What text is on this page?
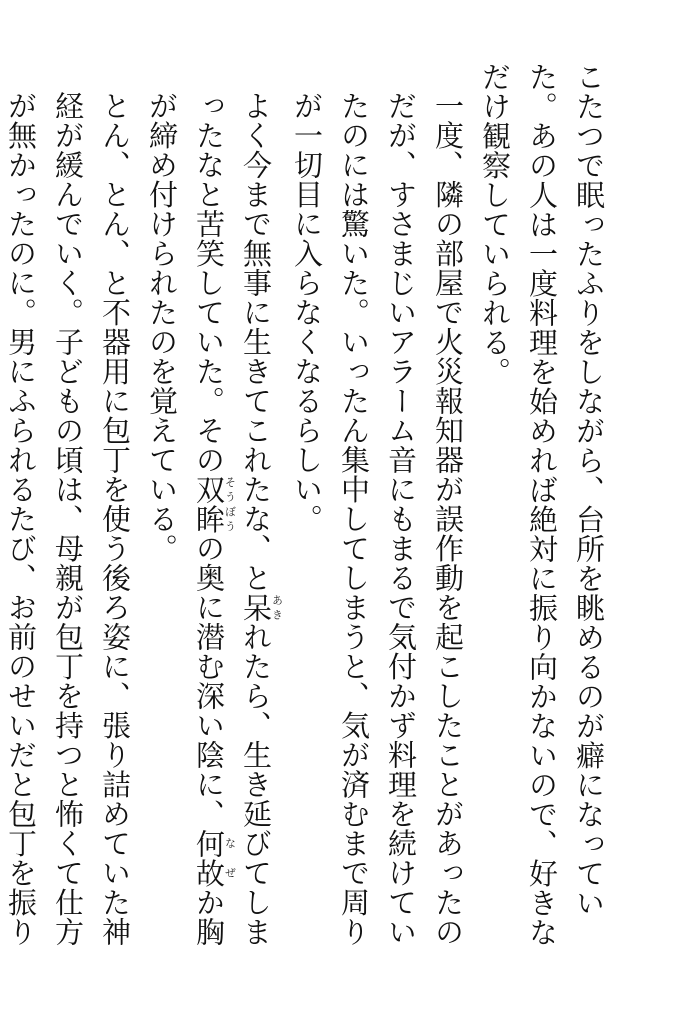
こたつで眠ったふりをしながら、台所を眺めるのが癖になっていた。あの人は一度料理を始めれば絶対に振り向かないので、好きなだけ観察していられる。
一度、隣の部屋で火災報知器が誤作動を起こしたことがあったのだが、すさまじいアラーム音にもまるで気付かず料理を続けていたのには驚いた。いったん集中してしまうと、気が済むまで周りが一切目に入らなくなるらしい。
よく今まで無事に生きてこれたな、と呆あきれたら、生き延びてしまったなと苦笑していた。その双眸そうぼうの奥に潜む深い陰に、何故なぜか胸が締め付けられたのを覚えている。
とん、とん、と不器用に包丁を使う後ろ姿に、張り詰めていた神経が緩んでいく。子どもの頃は、母親が包丁を持つと怖くて仕方が無かったのに。男にふられるたび、お前のせいだと包丁を振り
